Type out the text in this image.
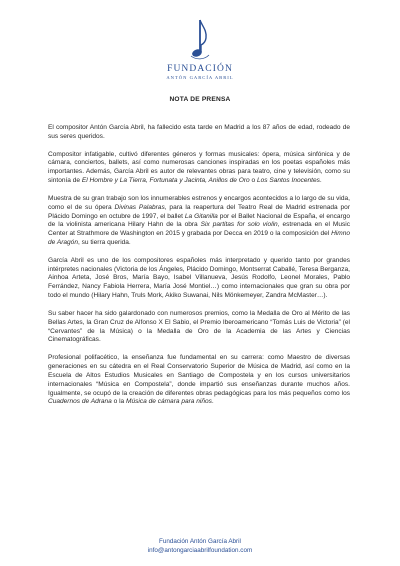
FUNDACIÓN
ANTÓN GARCÍA ABRIL
NOTA DE PRENSA

El compositor Antón García Abril, ha fallecido esta tarde en Madrid a los 87 años de edad, rodeado de sus seres queridos.

Compositor infatigable, cultivó diferentes géneros y formas musicales: ópera, música sinfónica y de cámara, conciertos, ballets, así como numerosas canciones inspiradas en los poetas españoles más importantes. Además, García Abril es autor de relevantes obras para teatro, cine y televisión, como su sintonía de El Hombre y La Tierra, Fortunata y Jacinta, Anillos de Oro o Los Santos Inocentes.

Muestra de su gran trabajo son los innumerables estrenos y encargos acontecidos a lo largo de su vida, como el de su ópera Divinas Palabras, para la reapertura del Teatro Real de Madrid estrenada por Plácido Domingo en octubre de 1997, el ballet La Gitanilla por el Ballet Nacional de España, el encargo de la violinista americana Hilary Hahn de la obra Six partitas for solo violin, estrenada en el Music Center at Strathmore de Washington en 2015 y grabada por Decca en 2019 o la composición del Himno de Aragón, su tierra querida.

García Abril es uno de los compositores españoles más interpretado y querido tanto por grandes intérpretes nacionales (Victoria de los Ángeles, Plácido Domingo, Montserrat Caballé, Teresa Berganza, Ainhoa Arteta, José Bros, María Bayo, Isabel Villanueva, Jesús Rodolfo, Leonel Morales, Pablo Ferrández, Nancy Fabiola Herrera, María José Montiel…) como internacionales que gran su obra por todo el mundo (Hilary Hahn, Truls Mork, Akiko Suwanai, Nils Mönkemeyer, Zandra McMaster…).

Su saber hacer ha sido galardonado con numerosos premios, como la Medalla de Oro al Mérito de las Bellas Artes, la Gran Cruz de Alfonso X El Sabio, el Premio Iberoamericano “Tomás Luis de Victoria” (el “Cervantes” de la Música) o la Medalla de Oro de la Academia de las Artes y Ciencias Cinematográficas.

Profesional polifacético, la enseñanza fue fundamental en su carrera: como Maestro de diversas generaciones en su cátedra en el Real Conservatorio Superior de Música de Madrid, así como en la Escuela de Altos Estudios Musicales en Santiago de Compostela y en los cursos universitarios internacionales “Música en Compostela”, donde impartió sus enseñanzas durante muchos años. Igualmente, se ocupó de la creación de diferentes obras pedagógicas para los más pequeños como los Cuadernos de Adrana o la Música de cámara para niños.

Fundación Antón García Abril
info@antongarciaabrilfoundation.com
